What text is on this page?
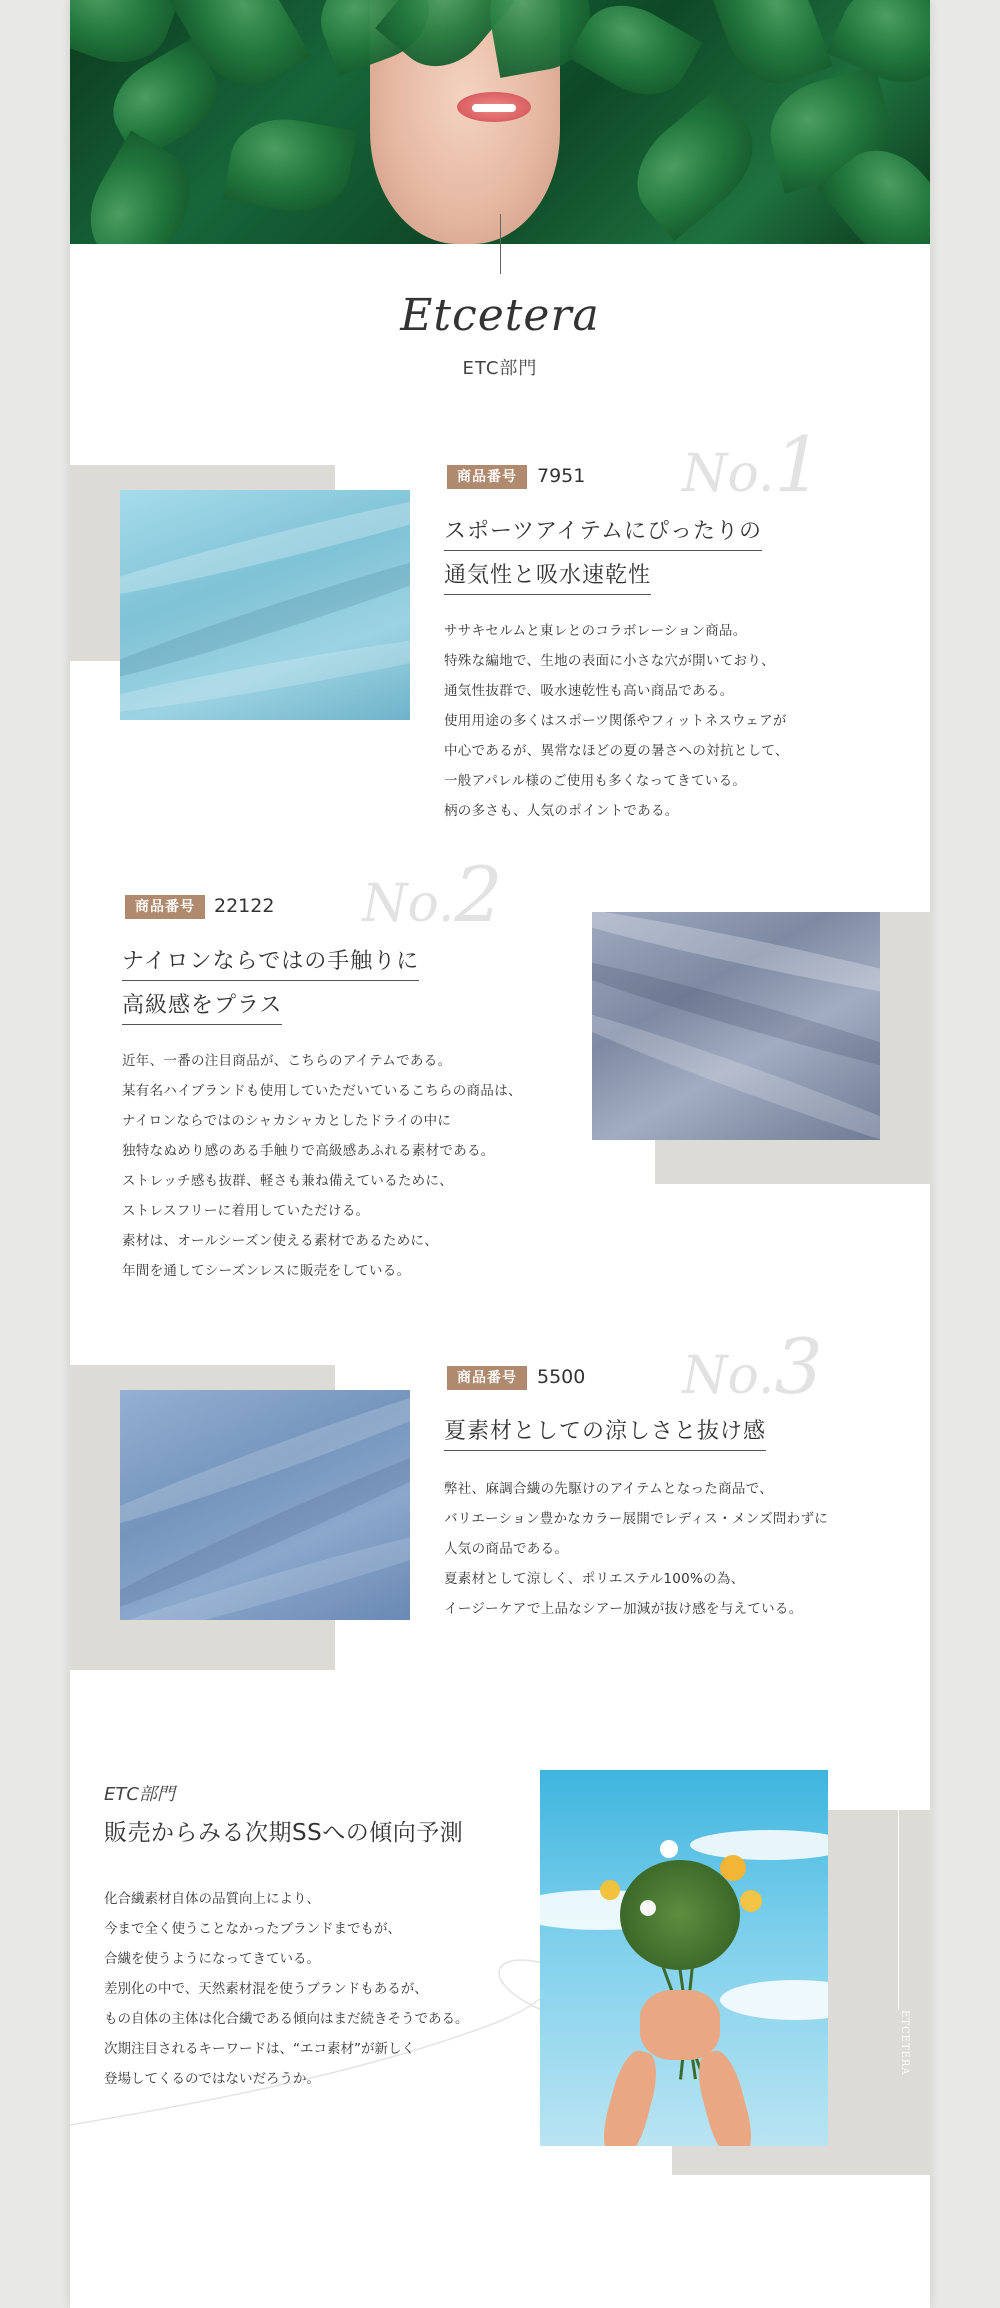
Etcetera
ETC部門
No.1
商品番号	7951
スポーツアイテムにぴったりの
通気性と吸水速乾性
ササキセルムと東レとのコラボレーション商品。
特殊な編地で、生地の表面に小さな穴が開いており、
通気性抜群で、吸水速乾性も高い商品である。
使用用途の多くはスポーツ関係やフィットネスウェアが
中心であるが、異常なほどの夏の暑さへの対抗として、
一般アパレル様のご使用も多くなってきている。
柄の多さも、人気のポイントである。
No.2
商品番号	22122
ナイロンならではの手触りに
高級感をプラス
近年、一番の注目商品が、こちらのアイテムである。
某有名ハイブランドも使用していただいているこちらの商品は、
ナイロンならではのシャカシャカとしたドライの中に
独特なぬめり感のある手触りで高級感あふれる素材である。
ストレッチ感も抜群、軽さも兼ね備えているために、
ストレスフリーに着用していただける。
素材は、オールシーズン使える素材であるために、
年間を通してシーズンレスに販売をしている。
No.3
商品番号	5500
夏素材としての涼しさと抜け感
弊社、麻調合繊の先駆けのアイテムとなった商品で、
バリエーション豊かなカラー展開でレディス・メンズ問わずに
人気の商品である。
夏素材として涼しく、ポリエステル100%の為、
イージーケアで上品なシアー加減が抜け感を与えている。
ETC部門
販売からみる次期SSへの傾向予測
化合繊素材自体の品質向上により、
今まで全く使うことなかったブランドまでもが、
合繊を使うようになってきている。
差別化の中で、天然素材混を使うブランドもあるが、
もの自体の主体は化合繊である傾向はまだ続きそうである。
次期注目されるキーワードは、“エコ素材”が新しく
登場してくるのではないだろうか。
ETCETERA
